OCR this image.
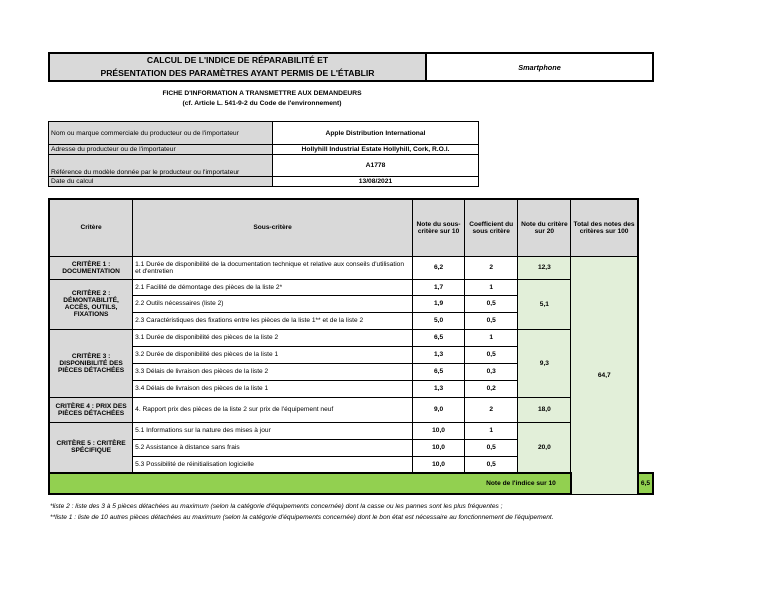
CALCUL DE L'INDICE DE RÉPARABILITÉ ET
PRÉSENTATION DES PARAMÈTRES AYANT PERMIS DE L'ÉTABLIR
	Smartphone
FICHE D'INFORMATION A TRANSMETTRE AUX DEMANDEURS
(cf. Article L. 541-9-2 du Code de l'environnement)
Nom ou marque commerciale du producteur ou de l'importateur	Apple Distribution International
Adresse du producteur ou de l'importateur	Hollyhill Industrial Estate Hollyhill, Cork, R.O.I.
Référence du modèle donnée par le producteur ou l'importateur	A1778
Date du calcul	13/08/2021
Critère	Sous-critère	Note du sous-critère sur 10	Coefficient du sous critère	Note du critère sur 20	Total des notes des critères sur 100	
CRITÈRE 1 : DOCUMENTATION	1.1 Durée de disponibilité de la documentation technique et relative aux conseils d'utilisation et d'entretien	6,2	2	12,3	64,7	
CRITÈRE 2 : DÉMONTABILITÉ, ACCÈS, OUTILS, FIXATIONS	2.1 Facilité de démontage des pièces de la liste 2*	1,7	1	5,1		
	2.2 Outils nécessaires (liste 2)	1,9	0,5			
	2.3 Caractéristiques des fixations entre les pièces de la liste 1** et de la liste 2	5,0	0,5			
CRITÈRE 3 : DISPONIBILITÉ DES PIÈCES DÉTACHÉES	3.1 Durée de disponibilité des pièces de la liste 2	6,5	1	9,3		
	3.2 Durée de disponibilité des pièces de la liste 1	1,3	0,5			
	3.3 Délais de livraison des pièces de la liste 2	6,5	0,3			
	3.4 Délais de livraison des pièces de la liste 1	1,3	0,2			
CRITÈRE 4 : PRIX DES PIÈCES DÉTACHÉES	4. Rapport prix des pièces de la liste 2 sur prix de l'équipement neuf	9,0	2	18,0		
CRITÈRE 5 : CRITÈRE SPÉCIFIQUE	5.1 Informations sur la nature des mises à jour	10,0	1	20,0		
	5.2 Assistance à distance sans frais	10,0	0,5			
	5.3 Possibilité de réinitialisation logicielle	10,0	0,5			
Note de l'indice sur 10						6,5
*liste 2 : liste des 3 à 5 pièces détachées au maximum (selon la catégorie d'équipements concernée) dont la casse ou les pannes sont les plus fréquentes ;
**liste 1 : liste de 10 autres pièces détachées au maximum (selon la catégorie d'équipements concernée) dont le bon état est nécessaire au fonctionnement de l'équipement.
